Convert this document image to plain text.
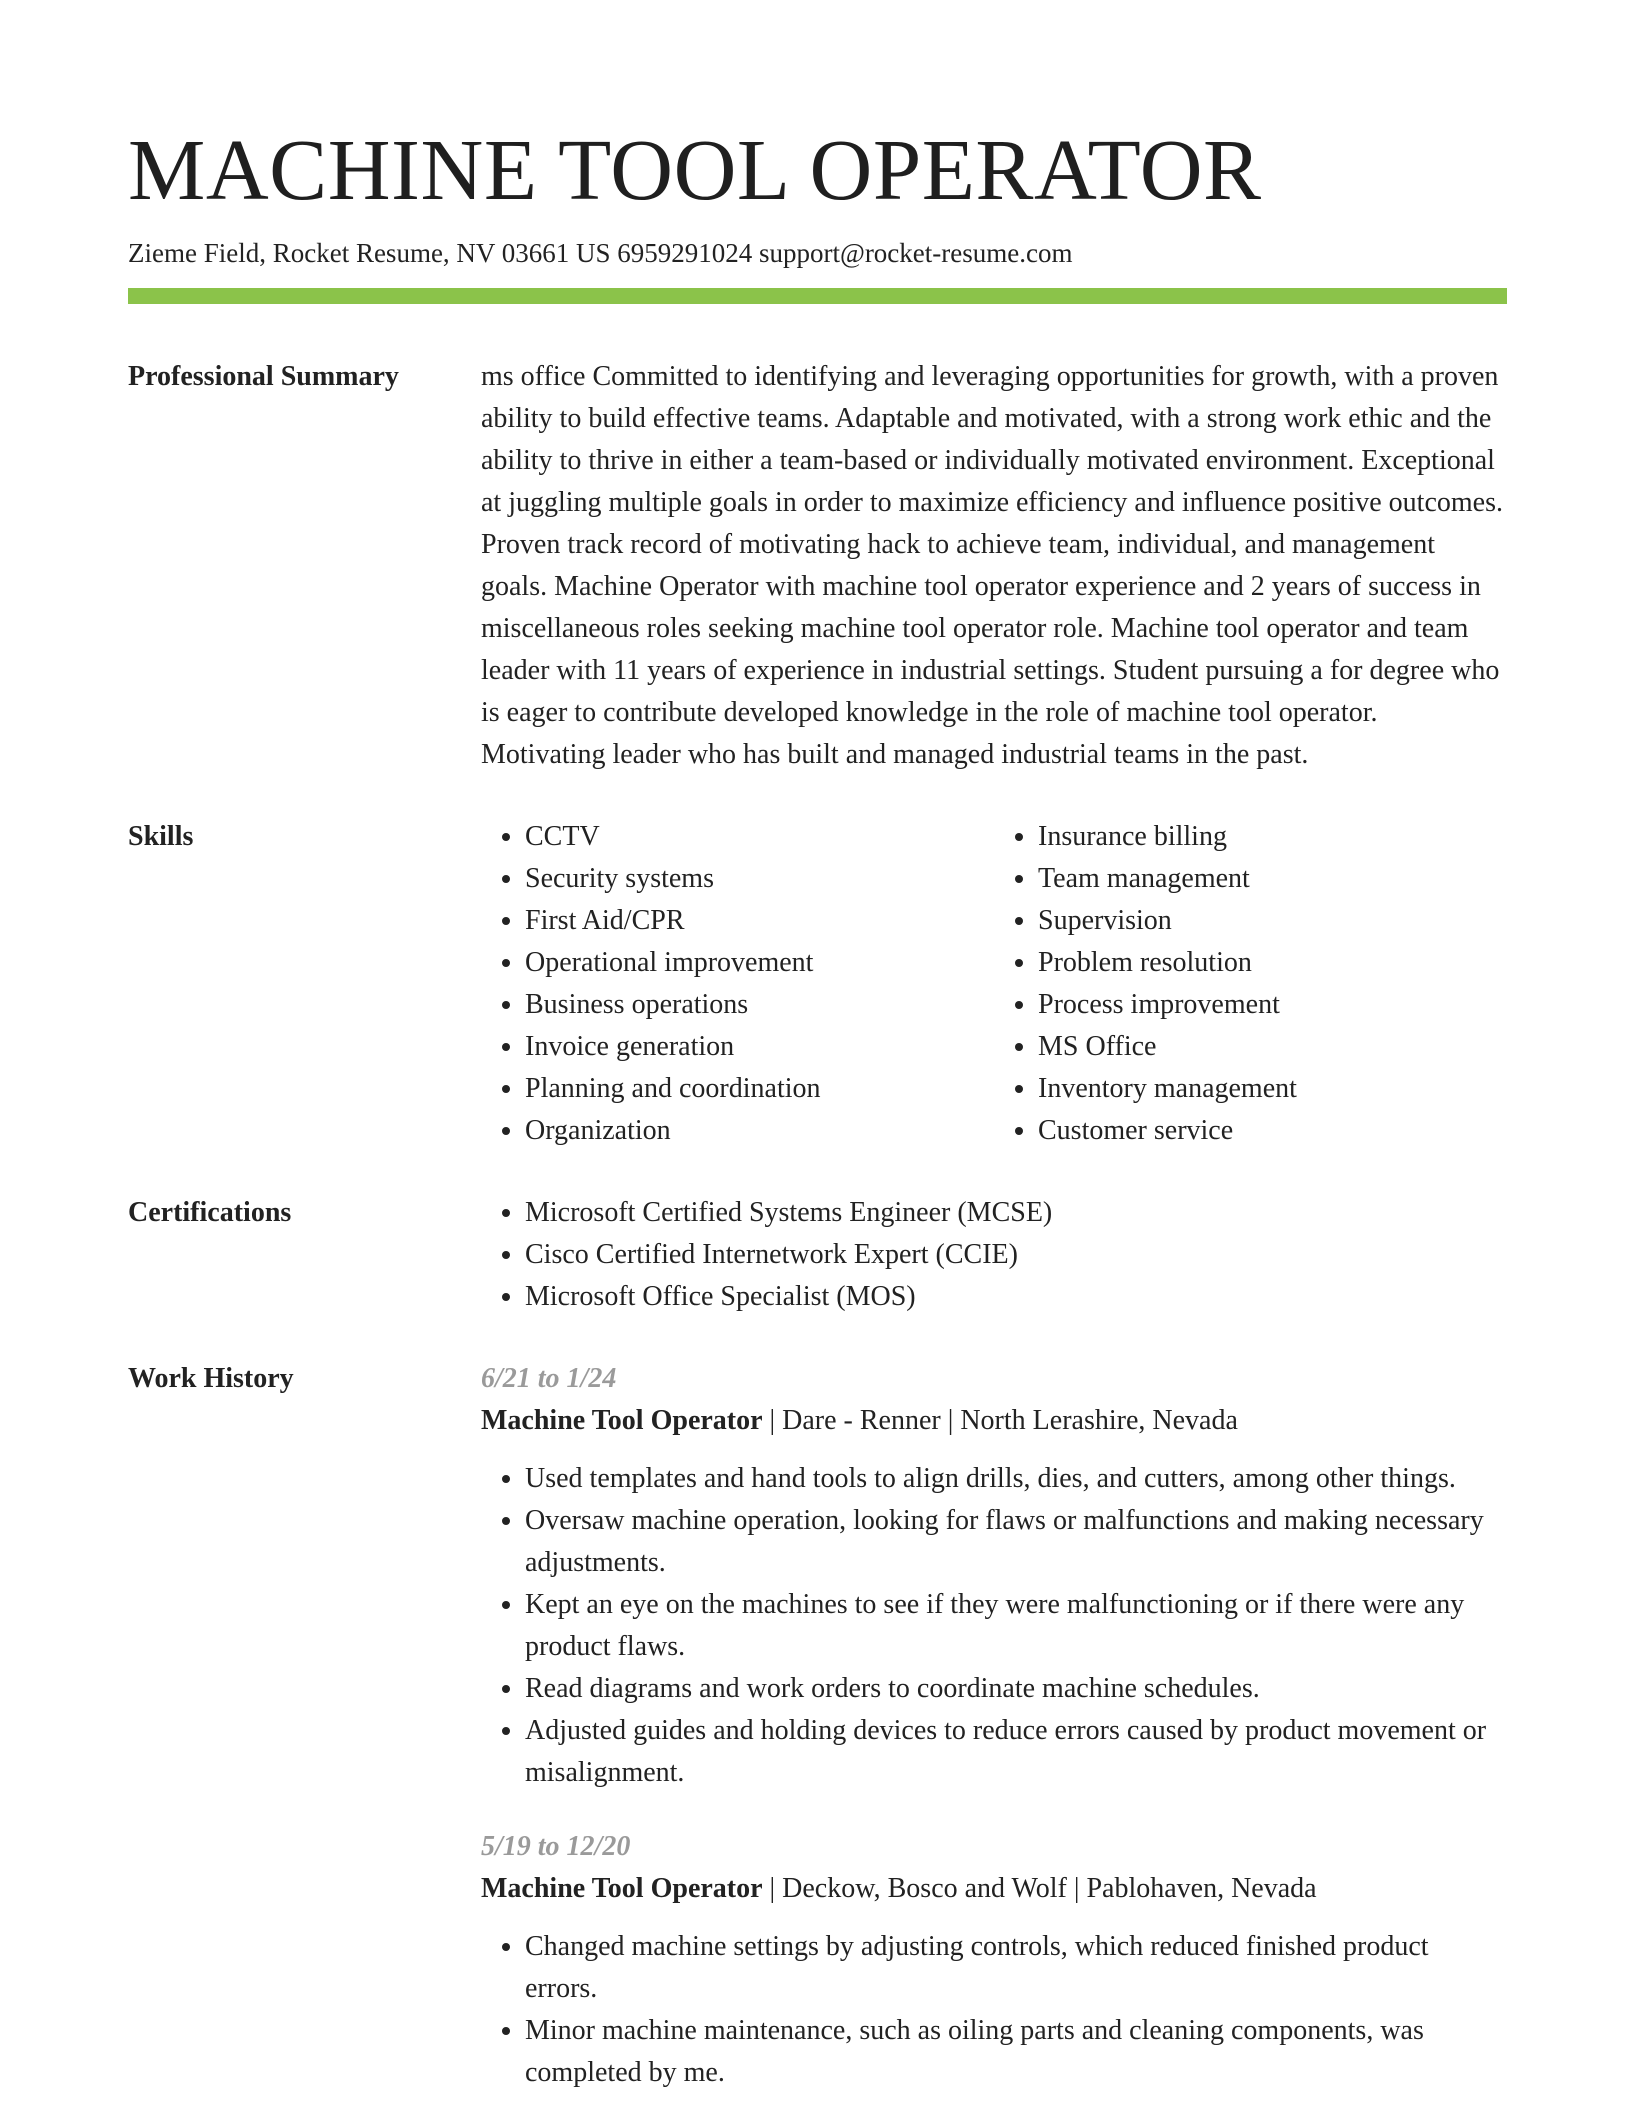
MACHINE TOOL OPERATOR
Zieme Field, Rocket Resume, NV 03661 US 6959291024 support@rocket-resume.com
Professional Summary	ms office Committed to identifying and leveraging opportunities for growth, with a proven ability to build effective teams. Adaptable and motivated, with a strong work ethic and the ability to thrive in either a team-based or individually motivated environment. Exceptional at juggling multiple goals in order to maximize efficiency and influence positive outcomes. Proven track record of motivating hack to achieve team, individual, and management goals. Machine Operator with machine tool operator experience and 2 years of success in miscellaneous roles seeking machine tool operator role. Machine tool operator and team leader with 11 years of experience in industrial settings. Student pursuing a for degree who is eager to contribute developed knowledge in the role of machine tool operator. Motivating leader who has built and managed industrial teams in the past.

Skills	• CCTV
• Security systems
• First Aid/CPR
• Operational improvement
• Business operations
• Invoice generation
• Planning and coordination
• Organization
• Insurance billing
• Team management
• Supervision
• Problem resolution
• Process improvement
• MS Office
• Inventory management
• Customer service
Certifications	• Microsoft Certified Systems Engineer (MCSE)
• Cisco Certified Internetwork Expert (CCIE)
• Microsoft Office Specialist (MOS)
Work History	6/21 to 1/24
Machine Tool Operator | Dare - Renner | North Lerashire, Nevada
• Used templates and hand tools to align drills, dies, and cutters, among other things.
• Oversaw machine operation, looking for flaws or malfunctions and making necessary adjustments.
• Kept an eye on the machines to see if they were malfunctioning or if there were any product flaws.
• Read diagrams and work orders to coordinate machine schedules.
• Adjusted guides and holding devices to reduce errors caused by product movement or misalignment.
5/19 to 12/20
Machine Tool Operator | Deckow, Bosco and Wolf | Pablohaven, Nevada
• Changed machine settings by adjusting controls, which reduced finished product errors.
• Minor machine maintenance, such as oiling parts and cleaning components, was completed by me.
